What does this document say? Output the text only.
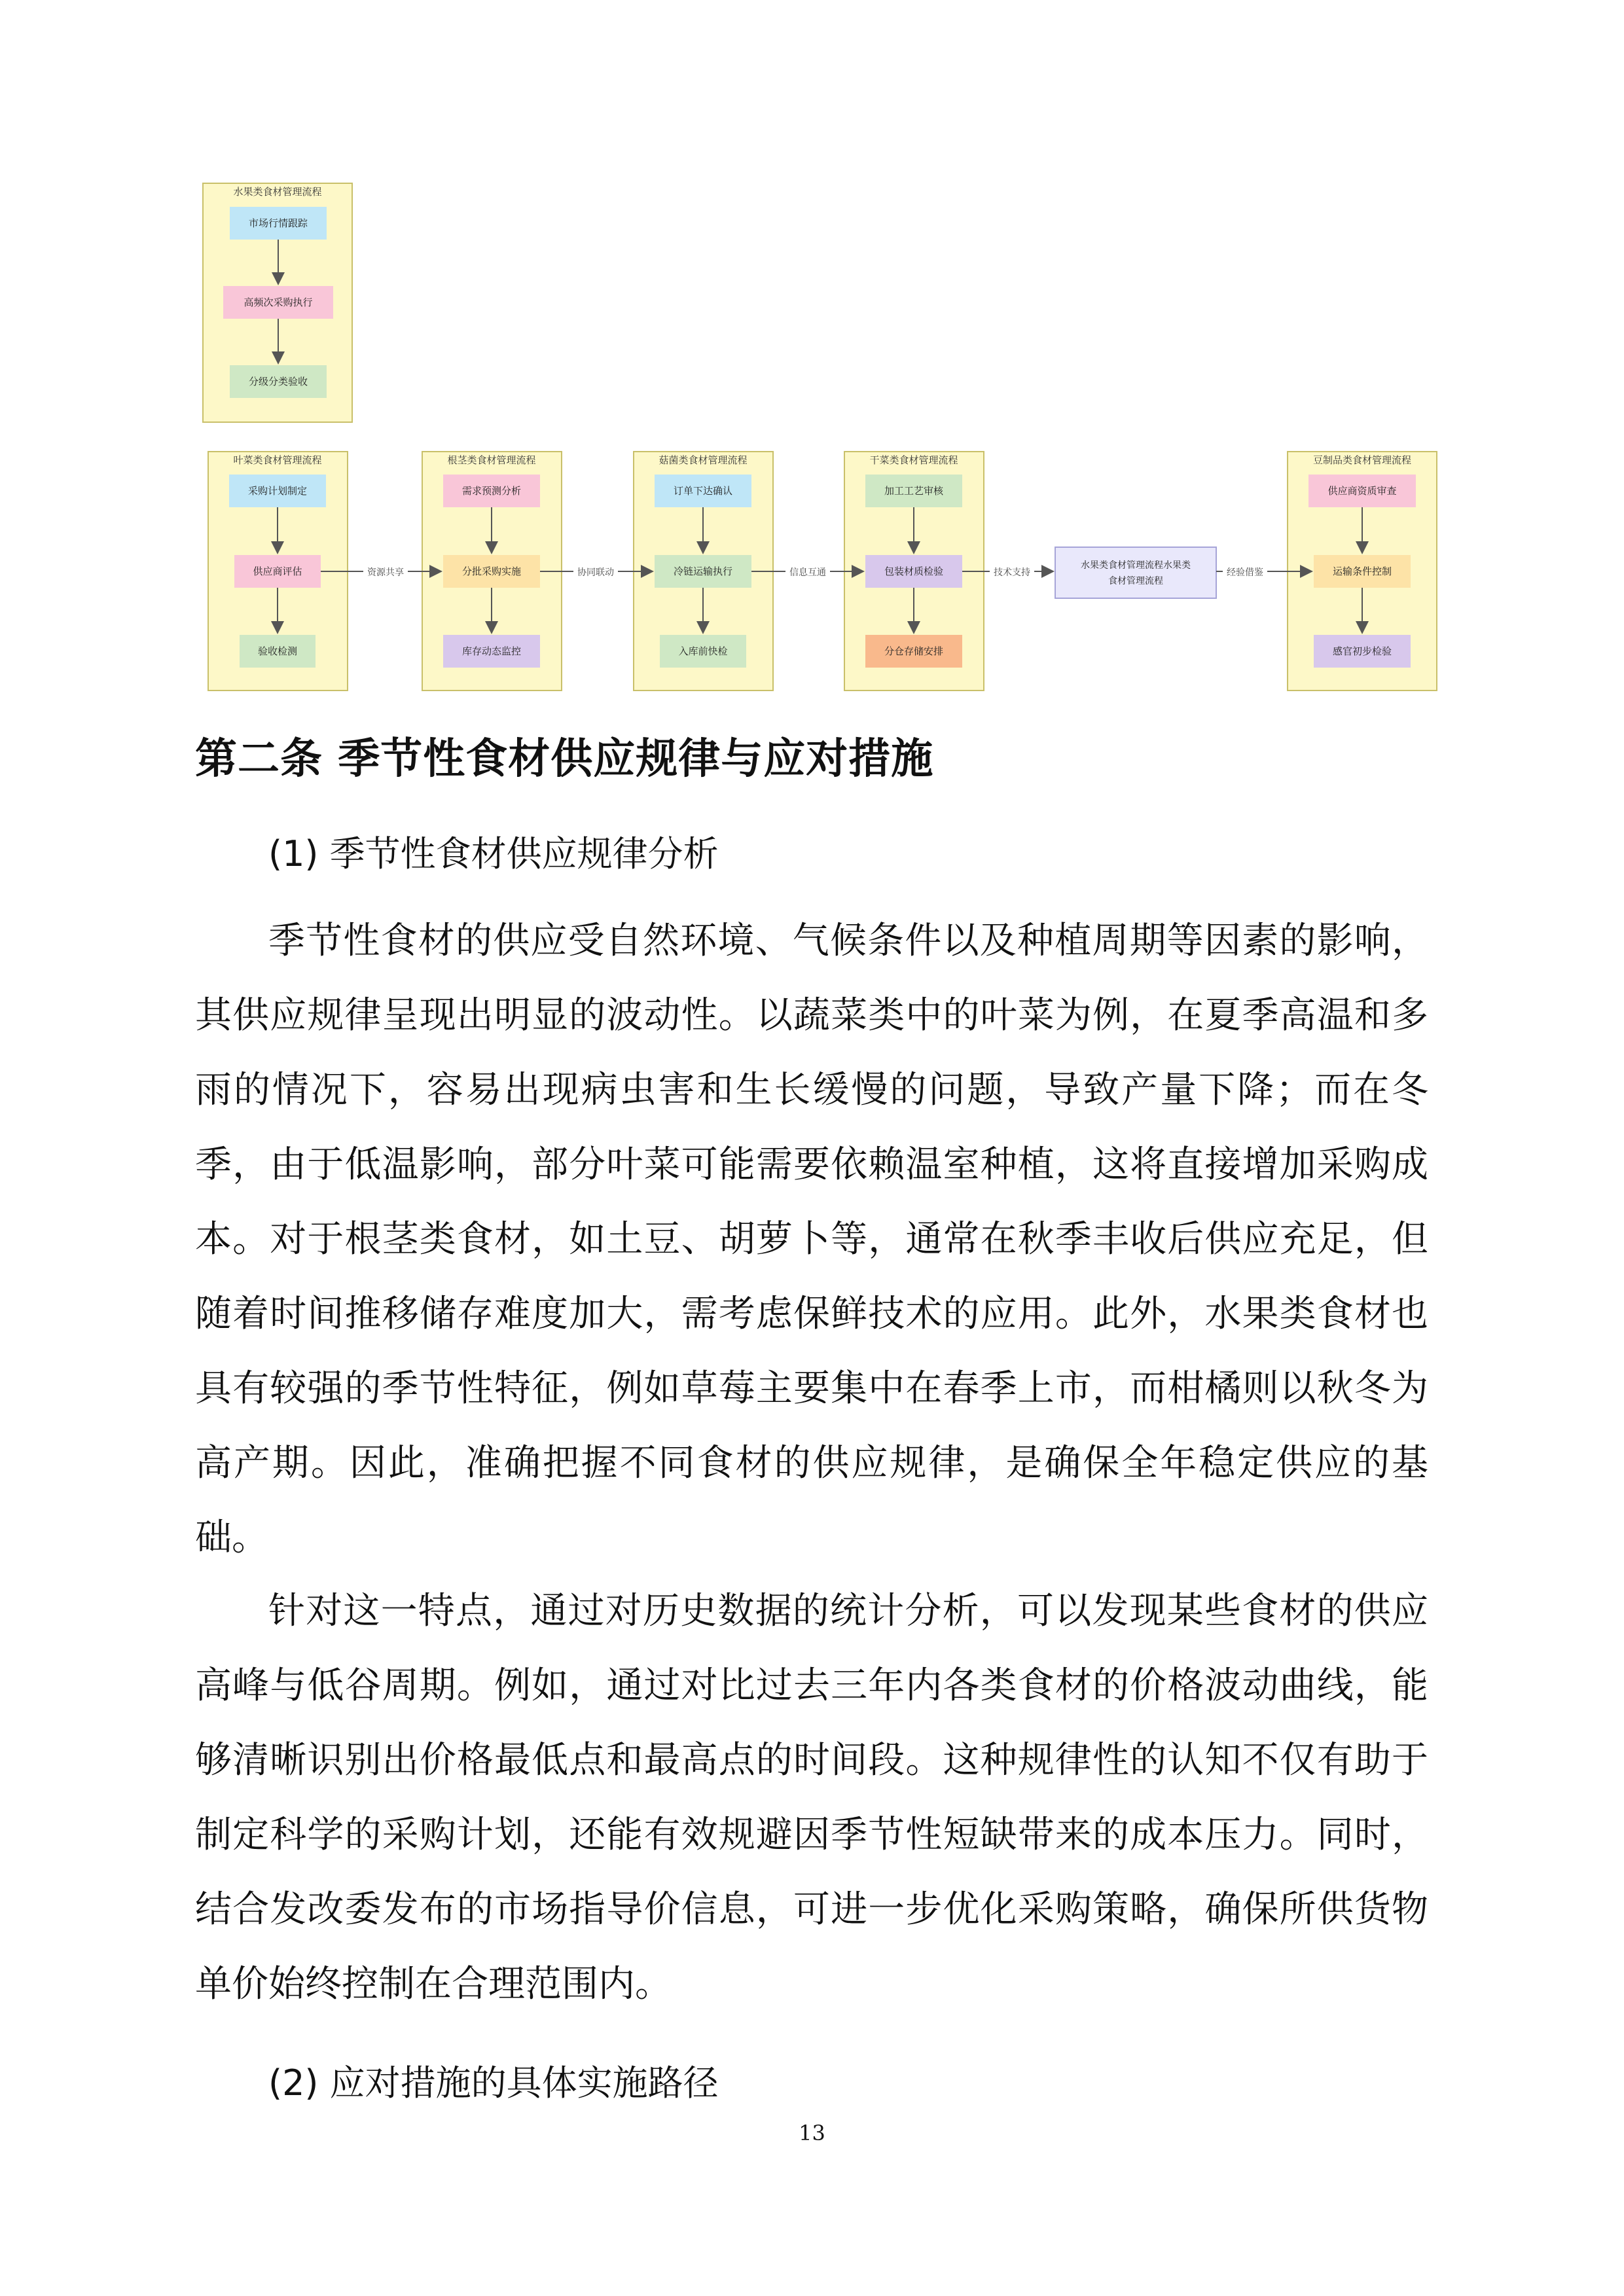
水果类食材管理流程
市场行情跟踪
高频次采购执行
分级分类验收
叶菜类食材管理流程
采购计划制定
供应商评估
验收检测
根茎类食材管理流程
需求预测分析
分批采购实施
库存动态监控
菇菌类食材管理流程
订单下达确认
冷链运输执行
入库前快检
干菜类食材管理流程
加工工艺审核
包装材质检验
分仓存储安排
水果类食材管理流程水果类
食材管理流程
豆制品类食材管理流程
供应商资质审查
运输条件控制
感官初步检验
资源共享	协同联动	信息互通	技术支持	经验借鉴
第二条 季节性食材供应规律与应对措施
(1) 季节性食材供应规律分析

季节性食材的供应受自然环境、气候条件以及种植周期等因素的影响，其供应规律呈现出明显的波动性。以蔬菜类中的叶菜为例，在夏季高温和多雨的情况下，容易出现病虫害和生长缓慢的问题，导致产量下降；而在冬季，由于低温影响，部分叶菜可能需要依赖温室种植，这将直接增加采购成本。对于根茎类食材，如土豆、胡萝卜等，通常在秋季丰收后供应充足，但随着时间推移储存难度加大，需考虑保鲜技术的应用。此外，水果类食材也具有较强的季节性特征，例如草莓主要集中在春季上市，而柑橘则以秋冬为高产期。因此，准确把握不同食材的供应规律，是确保全年稳定供应的基础。

针对这一特点，通过对历史数据的统计分析，可以发现某些食材的供应高峰与低谷周期。例如，通过对比过去三年内各类食材的价格波动曲线，能够清晰识别出价格最低点和最高点的时间段。这种规律性的认知不仅有助于制定科学的采购计划，还能有效规避因季节性短缺带来的成本压力。同时，结合发改委发布的市场指导价信息，可进一步优化采购策略，确保所供货物单价始终控制在合理范围内。

(2) 应对措施的具体实施路径
13
